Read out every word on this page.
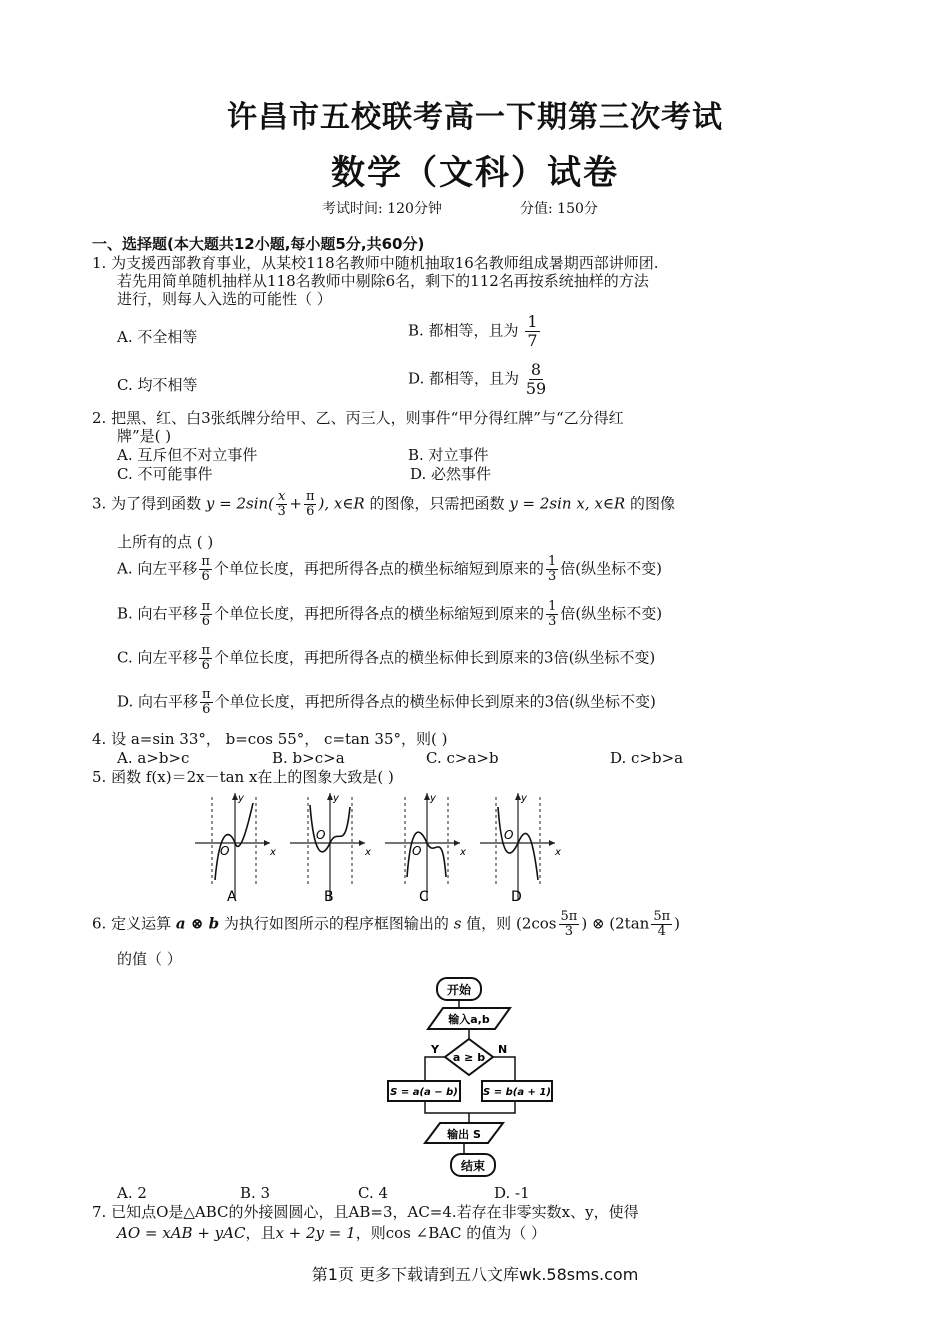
许昌市五校联考高一下期第三次考试
数学（文科）试卷
考试时间: 120分钟	分值: 150分
一、选择题(本大题共12小题,每小题5分,共60分)
1. 为支援西部教育事业，从某校118名教师中随机抽取16名教师组成暑期西部讲师团.
若先用简单随机抽样从118名教师中剔除6名，剩下的112名再按系统抽样的方法
进行，则每人入选的可能性（ ）
A. 不全相等	B. 都相等，且为 $\frac{1}{7}$
C. 均不相等	D. 都相等，且为 $\frac{8}{59}$
2. 把黑、红、白3张纸牌分给甲、乙、丙三人，则事件“甲分得红牌”与“乙分得红
牌”是( )
A. 互斥但不对立事件	B. 对立事件
C. 不可能事件	D. 必然事件
3. 为了得到函数 $y = 2\sin( \frac{x}{3} + \frac{\pi}{6}$ ), x∈R 的图像，只需把函数 y = 2sin x, x∈R 的图像
上所有的点 ( )
A. 向左平移 $\frac{\pi}{6}$ 个单位长度，再把所得各点的横坐标缩短到原来的 $\frac{1}{3}$ 倍(纵坐标不变)
B. 向右平移 $\frac{\pi}{6}$ 个单位长度，再把所得各点的横坐标缩短到原来的 $\frac{1}{3}$ 倍(纵坐标不变)
C. 向左平移 $\frac{\pi}{6}$ 个单位长度，再把所得各点的横坐标伸长到原来的3倍(纵坐标不变)
D. 向右平移 $\frac{\pi}{6}$ 个单位长度，再把所得各点的横坐标伸长到原来的3倍(纵坐标不变)
4. 设 a=sin 33°， b=cos 55°， c=tan 35°，则( )
A. a>b>c	B. b>c>a	C. c>a>b	D. c>b>a
5. 函数 f(x)＝2x－tan x在上的图象大致是( )
y
x
O
A
y
x
O
B
y
x
O
C
y
x
O
D
6. 定义运算 a ⊗ b 为执行如图所示的程序框图输出的 s 值，则 ($2\cos \frac{5\pi}{3}$ ) ⊗ ($2\tan \frac{5\pi}{4}$ )
的值（ ）
开始
输入a,b
a ≥ b
Y	N
S = a(a − b)	S = b(a + 1)
输出 S
结束
A. 2	B. 3	C. 4	D. -1
7. 已知点O是△ABC的外接圆圆心，且AB=3，AC=4.若存在非零实数x、y，使得
AO = xAB + yAC，且x + 2y = 1，则cos ∠BAC 的值为（ ）
第1页 更多下载请到五八文库wk.58sms.com
